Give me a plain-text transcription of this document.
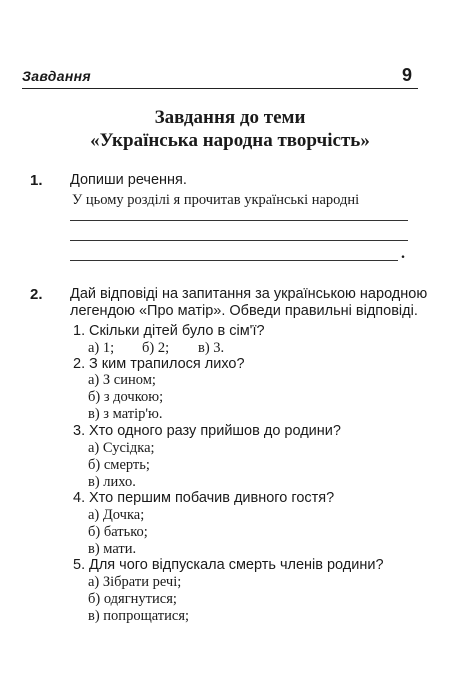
Завдання	9
Завдання до теми
«Українська народна творчість»
1. Допиши речення.
У цьому розділі я прочитав українські народні
.
2. Дай відповіді на запитання за українською народною
легендою «Про матір». Обведи правильні відповіді.
1. Скільки дітей було в сім'ї?
а) 1; б) 2; в) 3.
2. З ким трапилося лихо?
а) З сином;
б) з дочкою;
в) з матір'ю.
3. Хто одного разу прийшов до родини?
а) Сусідка;
б) смерть;
в) лихо.
4. Хто першим побачив дивного гостя?
а) Дочка;
б) батько;
в) мати.
5. Для чого відпускала смерть членів родини?
а) Зібрати речі;
б) одягнутися;
в) попрощатися;
